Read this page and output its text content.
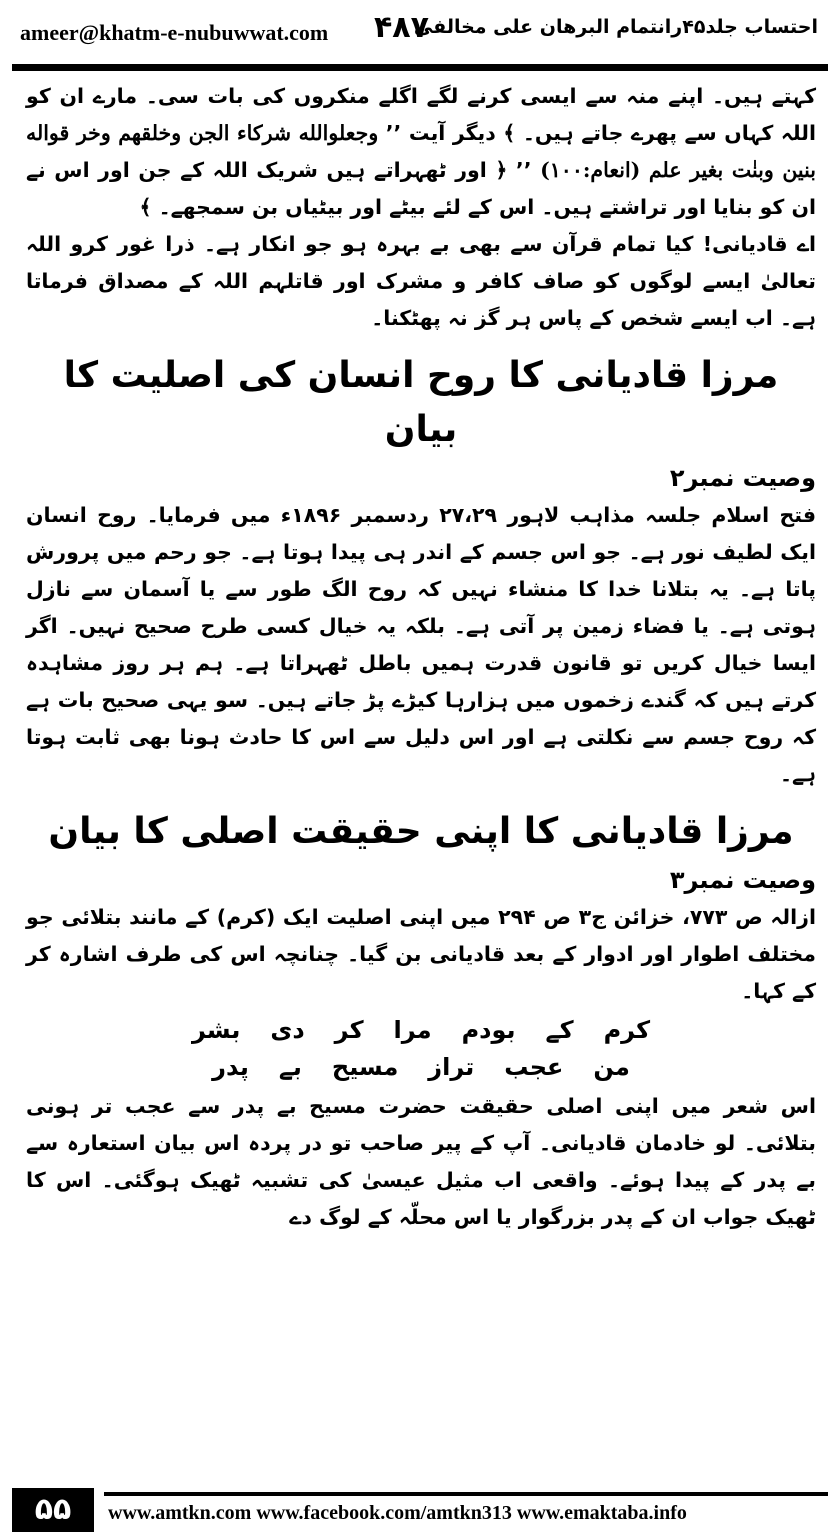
ameer@khatm-e-nubuwwat.com ۴۸۷
احتساب جلد۴۵رانتمام البرهان علی مخالفی

کہتے ہیں۔ اپنے منہ سے ایسی کرنے لگے اگلے منکروں کی بات سی۔ مارے ان کو اللہ کہاں سے پھرے جاتے ہیں۔ ﴾ دیگر آیت ’’ وجعلوالله شركاء الجن وخلقهم وخر قواله بنين وبنٰت بغير علم (انعام:۱۰۰) ’’ ﴿ اور ٹھہراتے ہیں شریک اللہ کے جن اور اس نے ان کو بنایا اور تراشتے ہیں۔ اس کے لئے بیٹے اور بیٹیاں بن سمجھے۔ ﴾

اے قادیانی! کیا تمام قرآن سے بھی بے بہرہ ہو جو انکار ہے۔ ذرا غور کرو اللہ تعالیٰ ایسے لوگوں کو صاف کافر و مشرک اور قاتلہم اللہ کے مصداق فرماتا ہے۔ اب ایسے شخص کے پاس ہر گز نہ پھٹکنا۔

مرزا قادیانی کا روح انسان کی اصلیت کا بیان
وصیت نمبر۲

فتح اسلام جلسہ مذاہب لاہور ۲۷،۲۹ ردسمبر ۱۸۹۶ء میں فرمایا۔ روح انسان ایک لطیف نور ہے۔ جو اس جسم کے اندر ہی پیدا ہوتا ہے۔ جو رحم میں پرورش پاتا ہے۔ یہ بتلانا خدا کا منشاء نہیں کہ روح الگ طور سے یا آسمان سے نازل ہوتی ہے۔ یا فضاء زمین پر آتی ہے۔ بلکہ یہ خیال کسی طرح صحیح نہیں۔ اگر ایسا خیال کریں تو قانون قدرت ہمیں باطل ٹھہراتا ہے۔ ہم ہر روز مشاہدہ کرتے ہیں کہ گندے زخموں میں ہزارہا کیڑے پڑ جاتے ہیں۔ سو یہی صحیح بات ہے کہ روح جسم سے نکلتی ہے اور اس دلیل سے اس کا حادث ہونا بھی ثابت ہوتا ہے۔

مرزا قادیانی کا اپنی حقیقت اصلی کا بیان
وصیت نمبر۳

ازالہ ص ۷۷۳، خزائن ج۳ ص ۲۹۴ میں اپنی اصلیت ایک (کرم) کے مانند بتلائی جو مختلف اطوار اور ادوار کے بعد قادیانی بن گیا۔ چنانچہ اس کی طرف اشارہ کر کے کہا۔

کرم
کے
بودم
مرا
کر
دی
بشر
من
عجب
تراز
مسیح
بے
پدر

اس شعر میں اپنی اصلی حقیقت حضرت مسیح بے پدر سے عجب تر ہونی بتلائی۔ لو خادمان قادیانی۔ آپ کے پیر صاحب تو در پردہ اس بیان استعارہ سے بے پدر کے پیدا ہوئے۔ واقعی اب مثیل عیسیٰ کی تشبیہ ٹھیک ہوگئی۔ اس کا ٹھیک جواب ان کے پدر بزرگوار یا اس محلّہ کے لوگ دے

۵۵	www.amtkn.com www.facebook.com/amtkn313 www.emaktaba.info
